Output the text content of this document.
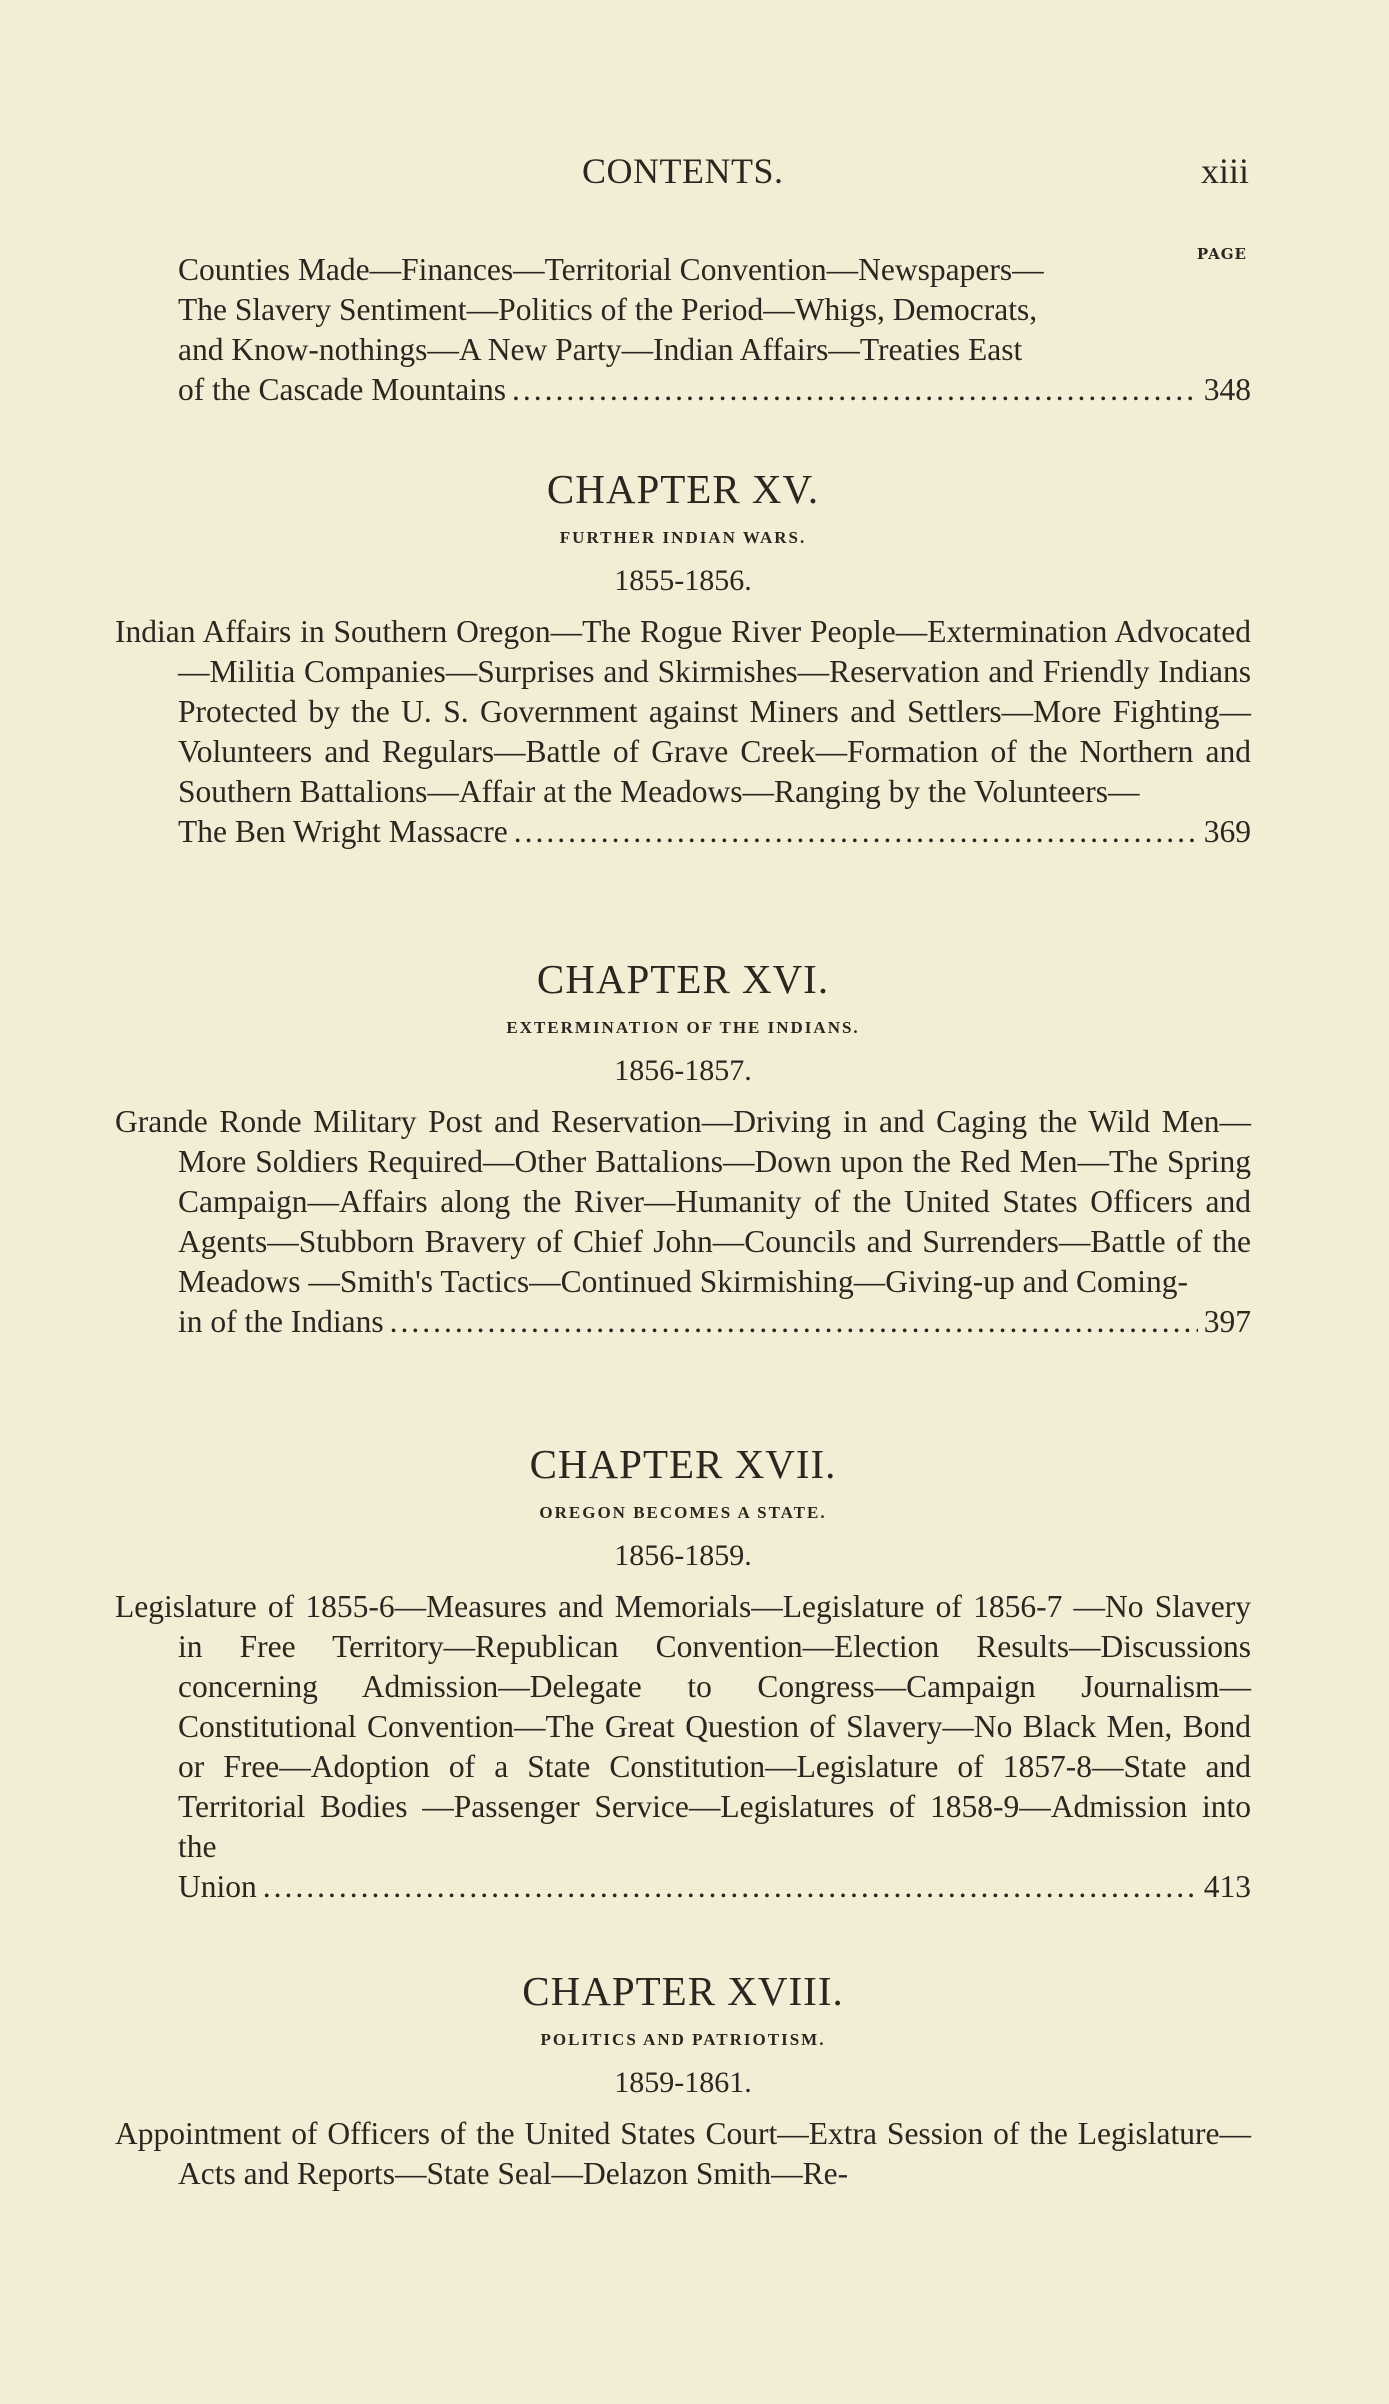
CONTENTS.	xiii
PAGE

Counties Made—Finances—Territorial Convention—Newspapers—

The Slavery Sentiment—Politics of the Period—Whigs, Democrats,

and Know-nothings—A New Party—Indian Affairs—Treaties East

of the Cascade Mountains .....	348
CHAPTER XV.
FURTHER INDIAN WARS.
1855-1856.

Indian Affairs in Southern Oregon—The Rogue River People—Extermination Advocated—Militia Companies—Surprises and Skirmishes—Reservation and Friendly Indians Protected by the U. S. Government against Miners and Settlers—More Fighting—Volunteers and Regulars—Battle of Grave Creek—Formation of the Northern and Southern Battalions—Affair at the Meadows—Ranging by the Volunteers—

The Ben Wright Massacre .....	369
CHAPTER XVI.
EXTERMINATION OF THE INDIANS.
1856-1857.

Grande Ronde Military Post and Reservation—Driving in and Caging the Wild Men—More Soldiers Required—Other Battalions—Down upon the Red Men—The Spring Campaign—Affairs along the River—Humanity of the United States Officers and Agents—Stubborn Bravery of Chief John—Councils and Surrenders—Battle of the Meadows —Smith's Tactics—Continued Skirmishing—Giving-up and Coming-

in of the Indians .....	397
CHAPTER XVII.
OREGON BECOMES A STATE.
1856-1859.

Legislature of 1855-6—Measures and Memorials—Legislature of 1856-7 —No Slavery in Free Territory—Republican Convention—Election Results—Discussions concerning Admission—Delegate to Congress—Campaign Journalism—Constitutional Convention—The Great Question of Slavery—No Black Men, Bond or Free—Adoption of a State Constitution—Legislature of 1857-8—State and Territorial Bodies —Passenger Service—Legislatures of 1858-9—Admission into the

Union .....	413
CHAPTER XVIII.
POLITICS AND PATRIOTISM.
1859-1861.

Appointment of Officers of the United States Court—Extra Session of the Legislature—Acts and Reports—State Seal—Delazon Smith—Re-
